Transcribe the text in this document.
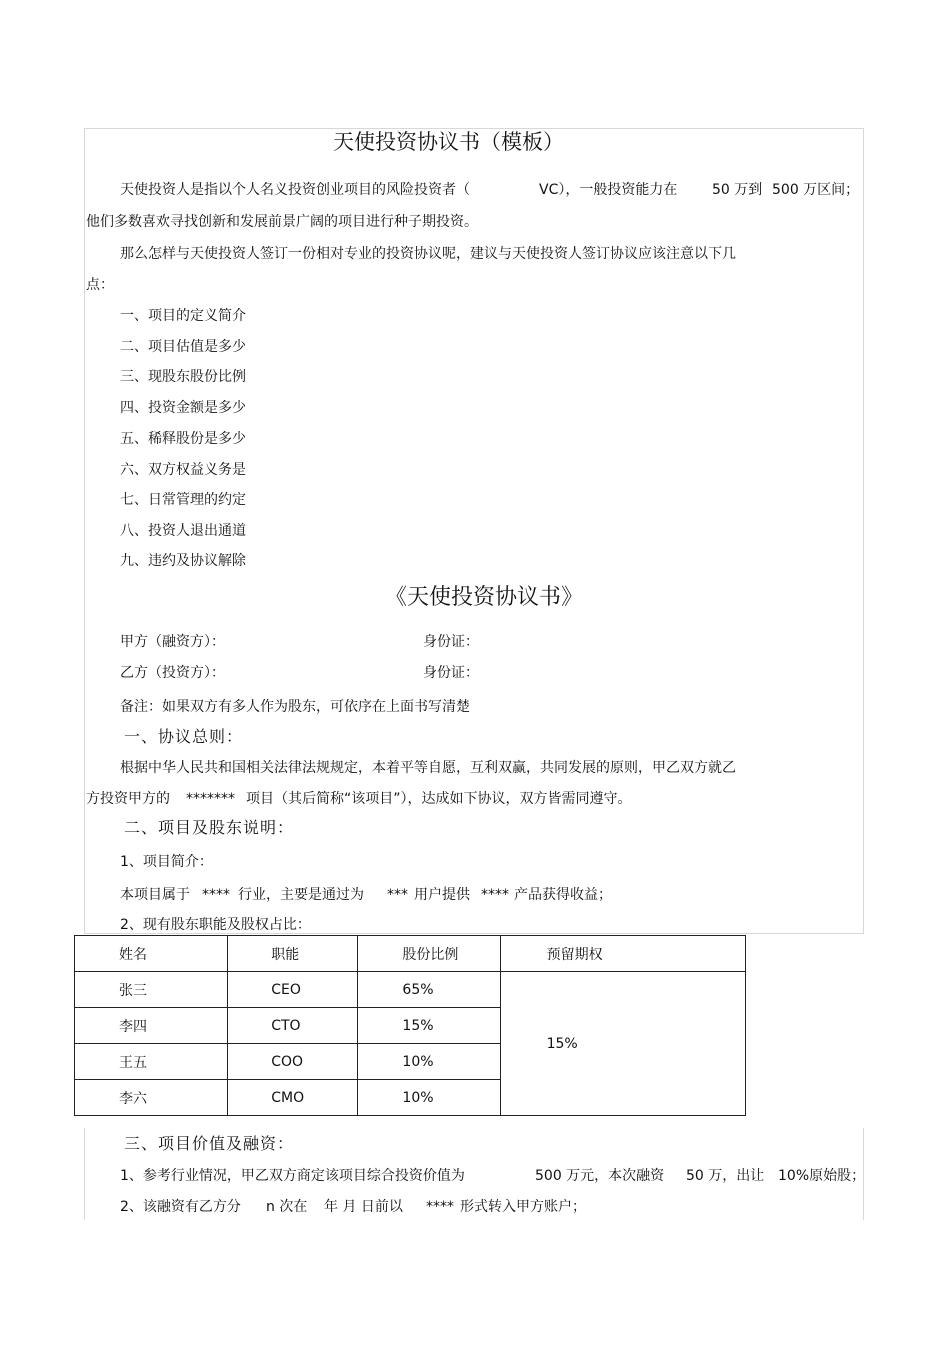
天使投资协议书（模板）
天使投资人是指以个人名义投资创业项目的风险投资者（	VC），一般投资能力在 50 万到 500 万区间；
他们多数喜欢寻找创新和发展前景广阔的项目进行种子期投资。
那么怎样与天使投资人签订一份相对专业的投资协议呢，建议与天使投资人签订协议应该注意以下几
点：
一、项目的定义简介
二、项目估值是多少
三、现股东股份比例
四、投资金额是多少
五、稀释股份是多少
六、双方权益义务是
七、日常管理的约定
八、投资人退出通道
九、违约及协议解除
《天使投资协议书》
甲方（融资方）：	身份证：
乙方（投资方）：	身份证：
备注：如果双方有多人作为股东，可依序在上面书写清楚
一、协议总则：
根据中华人民共和国相关法律法规规定，本着平等自愿，互利双赢，共同发展的原则，甲乙双方就乙
方投资甲方的 ******* 项目（其后简称“该项目”），达成如下协议，双方皆需同遵守。
二、项目及股东说明：
1、项目简介：
本项目属于 **** 行业，主要是通过为 *** 用户提供 **** 产品获得收益；
2、现有股东职能及股权占比：
姓名	职能	股份比例	预留期权
张三	CEO	65%	15%
李四	CTO	15%	
王五	COO	10%	
李六	CMO	10%	
三、项目价值及融资：
1、参考行业情况，甲乙双方商定该项目综合投资价值为	500 万元，本次融资 50 万，出让 10%原始股；
2、该融资有乙方分 n 次在 年 月 日前以 **** 形式转入甲方账户；
